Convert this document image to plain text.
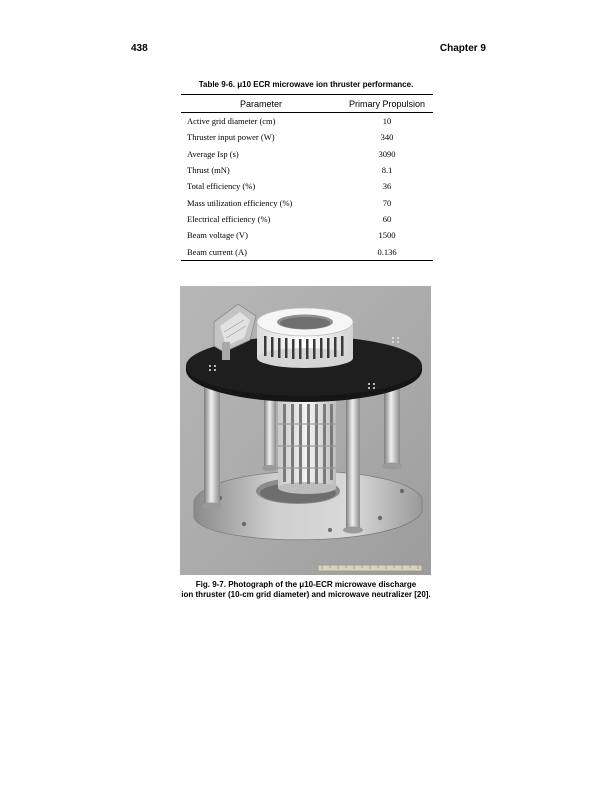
438	Chapter 9
Table 9-6. μ10 ECR microwave ion thruster performance.
Parameter	Primary Propulsion
Active grid diameter (cm)	10
Thruster input power (W)	340
Average Isp (s)	3090
Thrust (mN)	8.1
Total efficiency (%)	36
Mass utilization efficiency (%)	70
Electrical efficiency (%)	60
Beam voltage (V)	1500
Beam current (A)	0.136
Fig. 9-7. Photograph of the μ10-ECR microwave discharge
ion thruster (10-cm grid diameter) and microwave neutralizer [20].
